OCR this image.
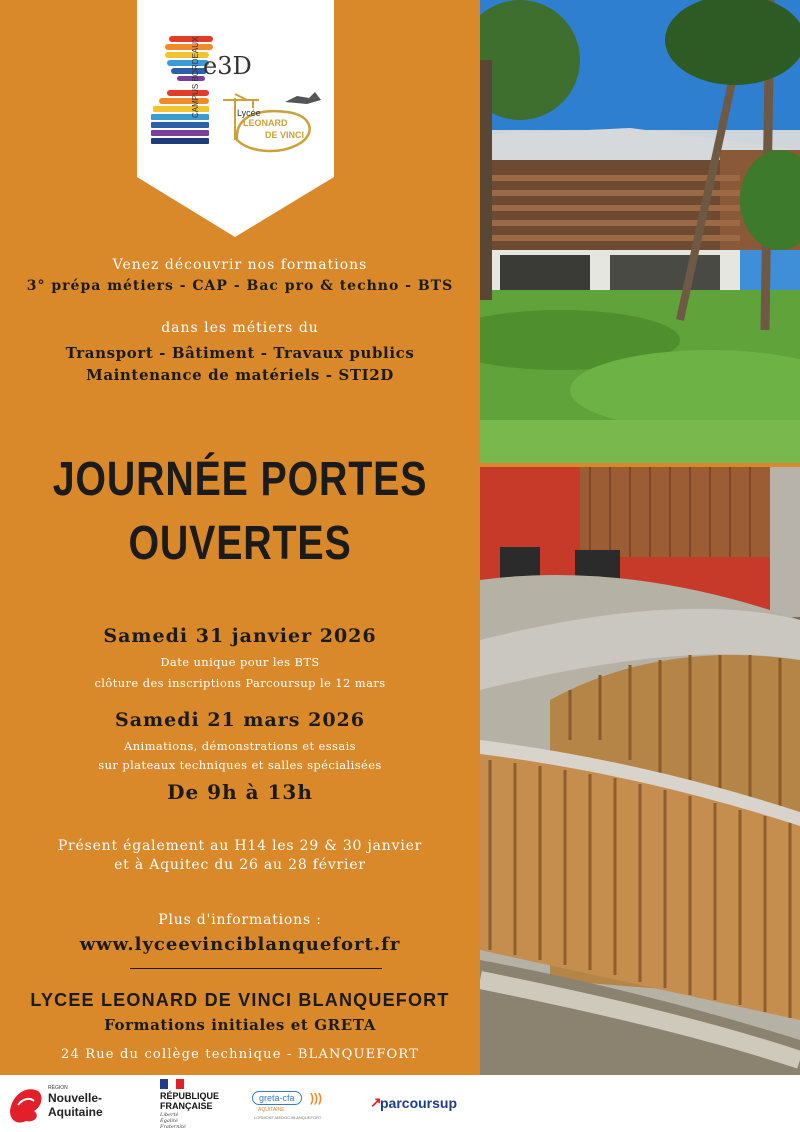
e3D
CAMPUS BORDEAUX	Lycée
LEONARD
DE VINCI
Venez découvrir nos formations
3° prépa métiers - CAP - Bac pro & techno - BTS
dans les métiers du
Transport - Bâtiment - Travaux publics
Maintenance de matériels - STI2D
JOURNÉE PORTES
OUVERTES
Samedi 31 janvier 2026
Date unique pour les BTS
clôture des inscriptions Parcoursup le 12 mars
Samedi 21 mars 2026
Animations, démonstrations et essais
sur plateaux techniques et salles spécialisées
De 9h à 13h
Présent également au H14 les 29 & 30 janvier
et à Aquitec du 26 au 28 février
Plus d'informations :
www.lyceevinciblanquefort.fr
LYCEE LEONARD DE VINCI BLANQUEFORT
Formations initiales et GRETA
24 Rue du collège technique - BLANQUEFORT
RÉGION
Nouvelle-
Aquitaine
RÉPUBLIQUE
FRANÇAISE
Liberté
Égalité
Fraternité
greta-cfa	)))
AQUITAINE
LORMONT-MEDOC-BLANQUEFORT
↗
parcoursup
